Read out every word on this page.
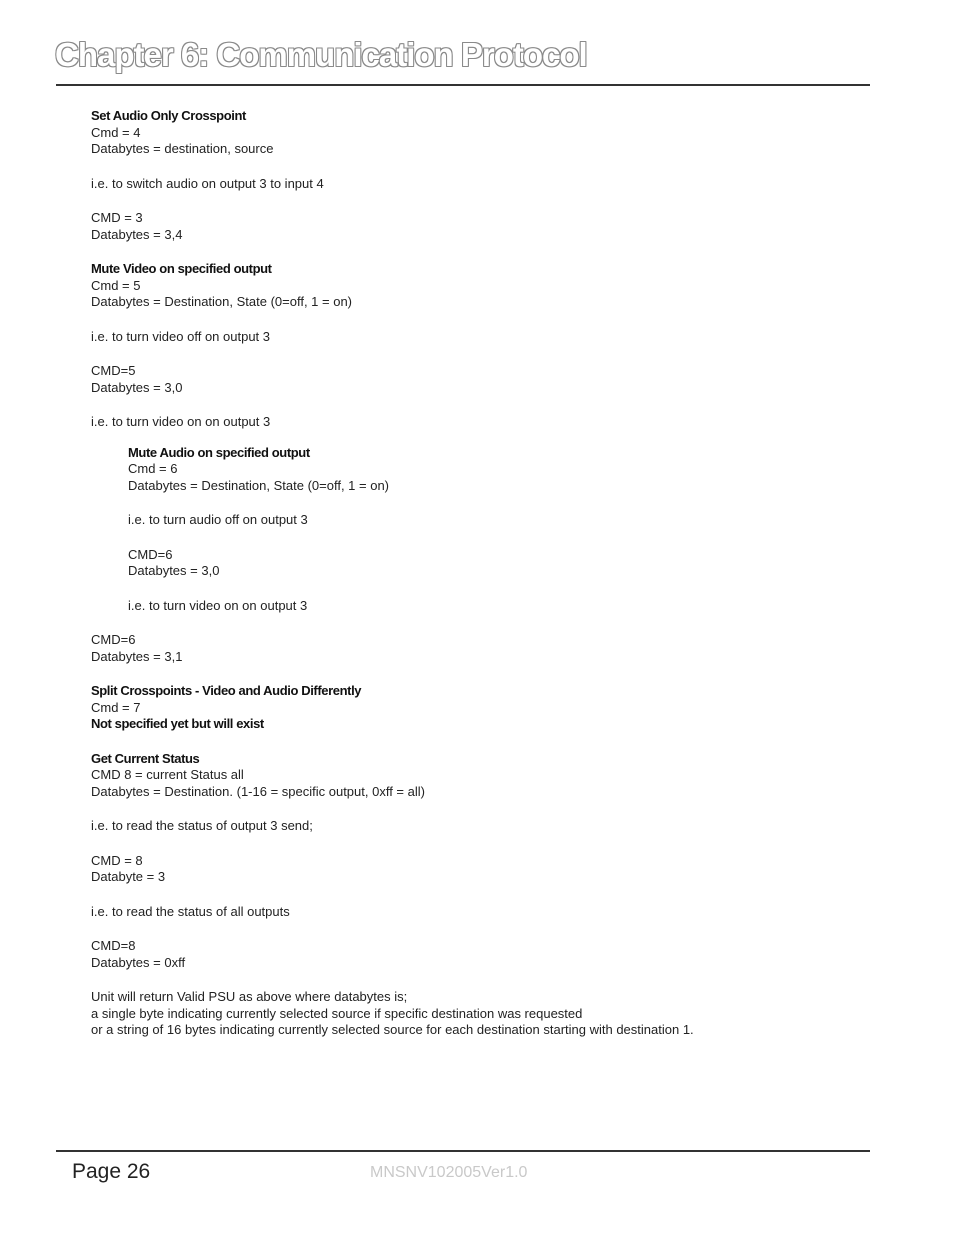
Chapter 6: Communication Protocol
Set Audio Only Crosspoint
Cmd = 4
Databytes = destination, source
i.e. to switch audio on output 3 to input 4
CMD = 3
Databytes = 3,4
Mute Video on specified output
Cmd = 5
Databytes = Destination, State (0=off, 1 = on)
i.e. to turn video off on output 3
CMD=5
Databytes = 3,0
i.e. to turn video on on output 3
Mute Audio on specified output
Cmd = 6
Databytes = Destination, State (0=off, 1 = on)
i.e. to turn audio off on output 3
CMD=6
Databytes = 3,0
i.e. to turn video on on output 3
CMD=6
Databytes = 3,1
Split Crosspoints - Video and Audio Differently
Cmd = 7
Not specified yet but will exist
Get Current Status
CMD 8 = current Status all
Databytes = Destination. (1-16 = specific output, 0xff = all)
i.e. to read the status of output 3 send;
CMD = 8
Databyte = 3
i.e. to read the status of all outputs
CMD=8
Databytes = 0xff
Unit will return Valid PSU as above where databytes is;
a single byte indicating currently selected source if specific destination was requested
or a string of 16 bytes indicating currently selected source for each destination starting with destination 1.
Page 26	MNSNV102005Ver1.0
